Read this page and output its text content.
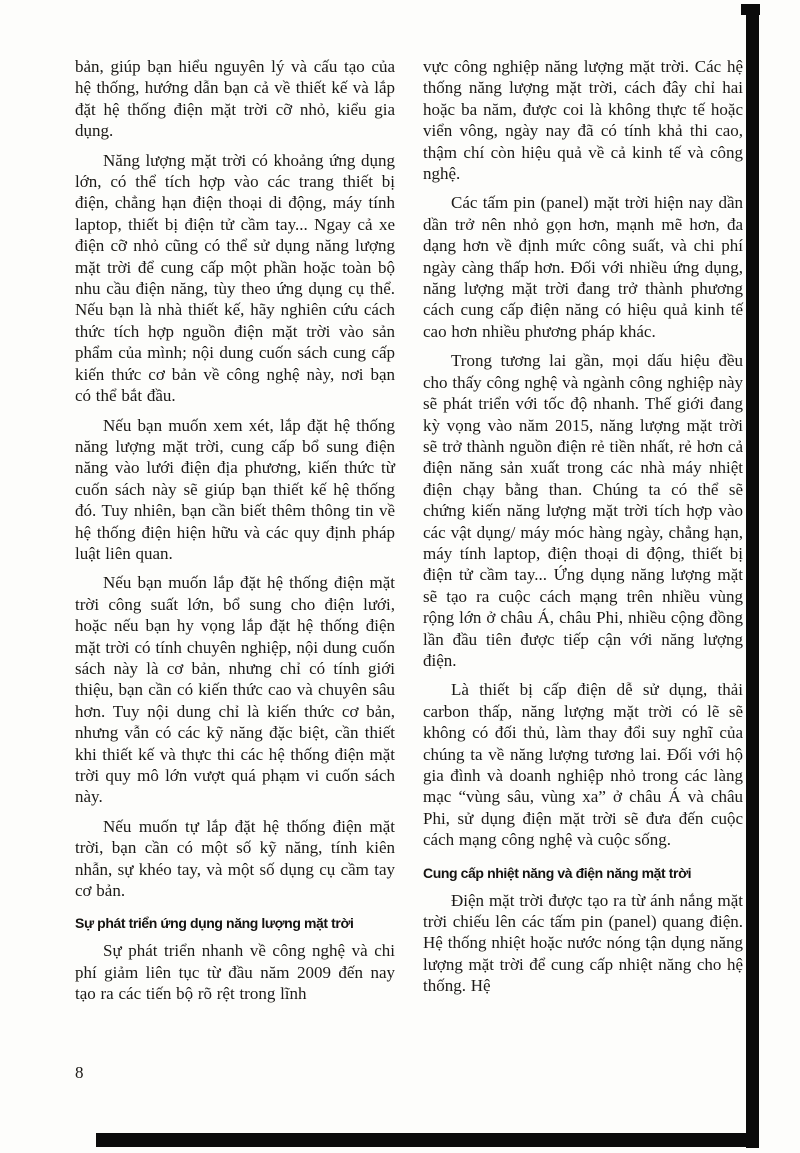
bản, giúp bạn hiểu nguyên lý và cấu tạo của hệ thống, hướng dẫn bạn cả về thiết kế và lắp đặt hệ thống điện mặt trời cỡ nhỏ, kiểu gia dụng.

Năng lượng mặt trời có khoảng ứng dụng lớn, có thể tích hợp vào các trang thiết bị điện, chẳng hạn điện thoại di động, máy tính laptop, thiết bị điện tử cầm tay... Ngay cả xe điện cỡ nhỏ cũng có thể sử dụng năng lượng mặt trời để cung cấp một phần hoặc toàn bộ nhu cầu điện năng, tùy theo ứng dụng cụ thể. Nếu bạn là nhà thiết kế, hãy nghiên cứu cách thức tích hợp nguồn điện mặt trời vào sản phẩm của mình; nội dung cuốn sách cung cấp kiến thức cơ bản về công nghệ này, nơi bạn có thể bắt đầu.

Nếu bạn muốn xem xét, lắp đặt hệ thống năng lượng mặt trời, cung cấp bổ sung điện năng vào lưới điện địa phương, kiến thức từ cuốn sách này sẽ giúp bạn thiết kế hệ thống đó. Tuy nhiên, bạn cần biết thêm thông tin về hệ thống điện hiện hữu và các quy định pháp luật liên quan.

Nếu bạn muốn lắp đặt hệ thống điện mặt trời công suất lớn, bổ sung cho điện lưới, hoặc nếu bạn hy vọng lắp đặt hệ thống điện mặt trời có tính chuyên nghiệp, nội dung cuốn sách này là cơ bản, nhưng chỉ có tính giới thiệu, bạn cần có kiến thức cao và chuyên sâu hơn. Tuy nội dung chỉ là kiến thức cơ bản, nhưng vẫn có các kỹ năng đặc biệt, cần thiết khi thiết kế và thực thi các hệ thống điện mặt trời quy mô lớn vượt quá phạm vi cuốn sách này.

Nếu muốn tự lắp đặt hệ thống điện mặt trời, bạn cần có một số kỹ năng, tính kiên nhẫn, sự khéo tay, và một số dụng cụ cầm tay cơ bản.

Sự phát triển ứng dụng năng lượng mặt trời

Sự phát triển nhanh về công nghệ và chi phí giảm liên tục từ đầu năm 2009 đến nay tạo ra các tiến bộ rõ rệt trong lĩnh

vực công nghiệp năng lượng mặt trời. Các hệ thống năng lượng mặt trời, cách đây chỉ hai hoặc ba năm, được coi là không thực tế hoặc viển vông, ngày nay đã có tính khả thi cao, thậm chí còn hiệu quả về cả kinh tế và công nghệ.

Các tấm pin (panel) mặt trời hiện nay dần dần trở nên nhỏ gọn hơn, mạnh mẽ hơn, đa dạng hơn về định mức công suất, và chi phí ngày càng thấp hơn. Đối với nhiều ứng dụng, năng lượng mặt trời đang trở thành phương cách cung cấp điện năng có hiệu quả kinh tế cao hơn nhiều phương pháp khác.

Trong tương lai gần, mọi dấu hiệu đều cho thấy công nghệ và ngành công nghiệp này sẽ phát triển với tốc độ nhanh. Thế giới đang kỳ vọng vào năm 2015, năng lượng mặt trời sẽ trở thành nguồn điện rẻ tiền nhất, rẻ hơn cả điện năng sản xuất trong các nhà máy nhiệt điện chạy bằng than. Chúng ta có thể sẽ chứng kiến năng lượng mặt trời tích hợp vào các vật dụng/ máy móc hàng ngày, chẳng hạn, máy tính laptop, điện thoại di động, thiết bị điện tử cầm tay... Ứng dụng năng lượng mặt sẽ tạo ra cuộc cách mạng trên nhiều vùng rộng lớn ở châu Á, châu Phi, nhiều cộng đồng lần đầu tiên được tiếp cận với năng lượng điện.

Là thiết bị cấp điện dễ sử dụng, thải carbon thấp, năng lượng mặt trời có lẽ sẽ không có đối thủ, làm thay đổi suy nghĩ của chúng ta về năng lượng tương lai. Đối với hộ gia đình và doanh nghiệp nhỏ trong các làng mạc “vùng sâu, vùng xa” ở châu Á và châu Phi, sử dụng điện mặt trời sẽ đưa đến cuộc cách mạng công nghệ và cuộc sống.

Cung cấp nhiệt năng và điện năng mặt trời

Điện mặt trời được tạo ra từ ánh nắng mặt trời chiếu lên các tấm pin (panel) quang điện. Hệ thống nhiệt hoặc nước nóng tận dụng năng lượng mặt trời để cung cấp nhiệt năng cho hệ thống. Hệ

8
